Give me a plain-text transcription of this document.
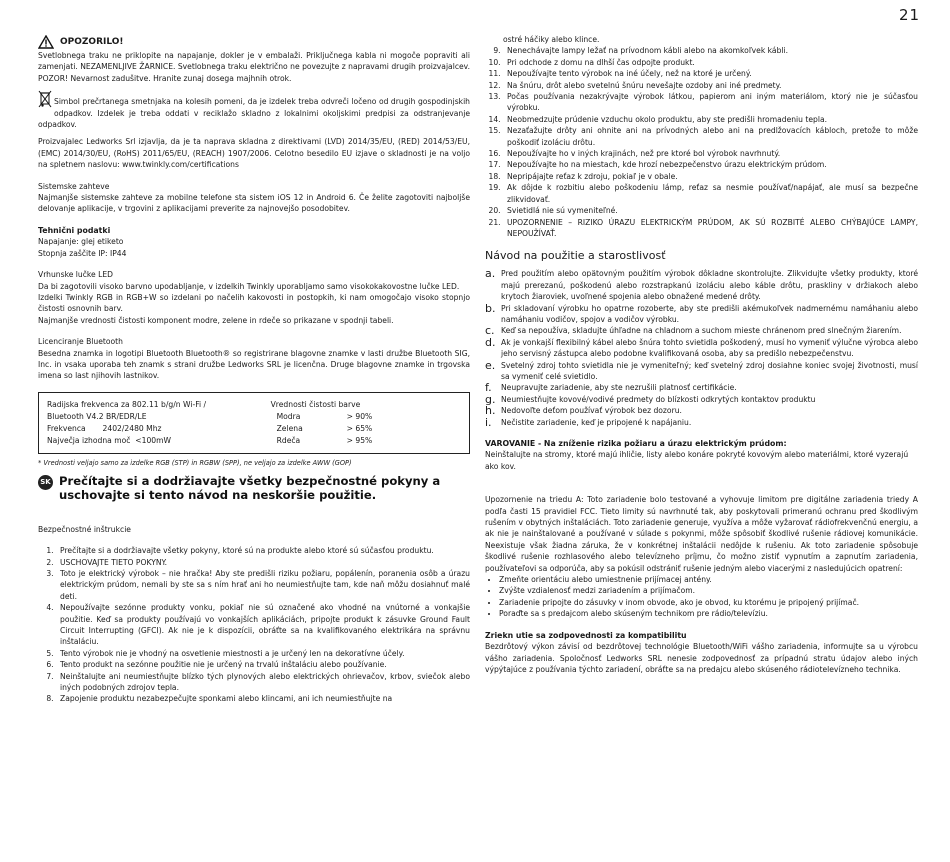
21
OPOZORILO!

Svetlobnega traku ne priklopite na napajanje, dokler je v embalaži. Priključnega kabla ni mogoče popraviti ali zamenjati. NEZAMENLJIVE ŽARNICE. Svetlobnega traku električno ne povezujte z napravami drugih proizvajalcev. POZOR! Nevarnost zadušitve. Hranite zunaj dosega majhnih otrok.

Simbol prečrtanega smetnjaka na kolesih pomeni, da je izdelek treba odvreči ločeno od drugih gospodinjskih odpadkov. Izdelek je treba oddati v reciklažo skladno z lokalnimi okoljskimi predpisi za odstranjevanje odpadkov.

Proizvajalec Ledworks Srl izjavlja, da je ta naprava skladna z direktivami (LVD) 2014/35/EU, (RED) 2014/53/EU, (EMC) 2014/30/EU, (RoHS) 2011/65/EU, (REACH) 1907/2006. Celotno besedilo EU izjave o skladnosti je na voljo na spletnem naslovu: www.twinkly.com/certifications

Sistemske zahteve

Najmanjše sistemske zahteve za mobilne telefone sta sistem iOS 12 in Android 6. Če želite zagotoviti najboljše delovanje aplikacije, v trgovini z aplikacijami preverite za najnovejšo posodobitev.

Tehnični podatki

Napajanje: glej etiketo

Stopnja zaščite IP: IP44

Vrhunske lučke LED

Da bi zagotovili visoko barvno upodabljanje, v izdelkih Twinkly uporabljamo samo visokokakovostne lučke LED.

Izdelki Twinkly RGB in RGB+W so izdelani po načelih kakovosti in postopkih, ki nam omogočajo visoko stopnjo čistosti osnovnih barv.

Najmanjše vrednosti čistosti komponent modre, zelene in rdeče so prikazane v spodnji tabeli.

Licenciranje Bluetooth

Besedna znamka in logotipi Bluetooth Bluetooth® so registrirane blagovne znamke v lasti družbe Bluetooth SIG, Inc. in vsaka uporaba teh znamk s strani družbe Ledworks SRL je licenčna. Druge blagovne znamke in trgovska imena so last njihovih lastnikov.

Radijska frekvenca za 802.11 b/g/n Wi-Fi /
Bluetooth V4.2 BR/EDR/LE
Frekvenca       2402/2480 Mhz
Največja izhodna moč  <100mW

Vrednosti čistosti barve
Modra	> 90%
Zelena	> 65%
Rdeča	> 95%

* Vrednosti veljajo samo za izdelke RGB (STP) in RGBW (SPP), ne veljajo za izdelke AWW (GOP)

SK Prečítajte si a dodržiavajte všetky bezpečnostné pokyny a uschovajte si tento návod na neskoršie použitie.

Bezpečnostné inštrukcie

1. Prečítajte si a dodržiavajte všetky pokyny, ktoré sú na produkte alebo ktoré sú súčasťou produktu.
2. USCHOVAJTE TIETO POKYNY.
3. Toto je elektrický výrobok – nie hračka! Aby ste predišli riziku požiaru, popálenín, poranenia osôb a úrazu elektrickým prúdom, nemali by ste sa s ním hrať ani ho neumiestňujte tam, kde naň môžu dosiahnuť malé deti.
4. Nepoužívajte sezónne produkty vonku, pokiaľ nie sú označené ako vhodné na vnútorné a vonkajšie použitie. Keď sa produkty používajú vo vonkajších aplikáciách, pripojte produkt k zásuvke Ground Fault Circuit Interrupting (GFCI). Ak nie je k dispozícii, obráťte sa na kvalifikovaného elektrikára na správnu inštaláciu.
5. Tento výrobok nie je vhodný na osvetlenie miestnosti a je určený len na dekoratívne účely.
6. Tento produkt na sezónne použitie nie je určený na trvalú inštaláciu alebo používanie.
7. Neinštalujte ani neumiestňujte blízko tých plynových alebo elektrických ohrievačov, krbov, sviečok alebo iných podobných zdrojov tepla.
8. Zapojenie produktu nezabezpečujte sponkami alebo klincami, ani ich neumiestňujte na

ostré háčiky alebo klince.

9. Nenechávajte lampy ležať na prívodnom kábli alebo na akomkoľvek kábli.
10. Pri odchode z domu na dlhší čas odpojte produkt.
11. Nepoužívajte tento výrobok na iné účely, než na ktoré je určený.
12. Na šnúru, drôt alebo svetelnú šnúru nevešajte ozdoby ani iné predmety.
13. Počas používania nezakrývajte výrobok látkou, papierom ani iným materiálom, ktorý nie je súčasťou výrobku.
14. Neobmedzujte prúdenie vzduchu okolo produktu, aby ste predišli hromadeniu tepla.
15. Nezaťažujte drôty ani ohnite ani na prívodných alebo ani na predlžovacích kábloch, pretože to môže poškodiť izoláciu drôtu.
16. Nepoužívajte ho v iných krajinách, než pre ktoré bol výrobok navrhnutý.
17. Nepoužívajte ho na miestach, kde hrozí nebezpečenstvo úrazu elektrickým prúdom.
18. Nepripájajte reťaz k zdroju, pokiaľ je v obale.
19. Ak dôjde k rozbitiu alebo poškodeniu lámp, reťaz sa nesmie používať/napájať, ale musí sa bezpečne zlikvidovať.
20. Svietidlá nie sú vymeniteľné.
21. UPOZORNENIE – RIZIKO ÚRAZU ELEKTRICKÝM PRÚDOM, AK SÚ ROZBITÉ ALEBO CHÝBAJÚCE LAMPY, NEPOUŽÍVAŤ.
Návod na použitie a starostlivosť
a. Pred použitím alebo opätovným použitím výrobok dôkladne skontrolujte. Zlikvidujte všetky produkty, ktoré majú prerezanú, poškodenú alebo rozstrapkanú izoláciu alebo káble drôtu, praskliny v držiakoch alebo krytoch žiaroviek, uvoľnené spojenia alebo obnažené medené drôty.
b. Pri skladovaní výrobku ho opatrne rozoberte, aby ste predišli akémukoľvek nadmernému namáhaniu alebo namáhaniu vodičov, spojov a vodičov výrobku.
c. Keď sa nepoužíva, skladujte úhľadne na chladnom a suchom mieste chránenom pred slnečným žiarením.
d. Ak je vonkajší flexibilný kábel alebo šnúra tohto svietidla poškodený, musí ho vymeniť výlučne výrobca alebo jeho servisný zástupca alebo podobne kvalifikovaná osoba, aby sa predišlo nebezpečenstvu.
e. Svetelný zdroj tohto svietidla nie je vymeniteľný; keď svetelný zdroj dosiahne koniec svojej životnosti, musí sa vymeniť celé svietidlo.
f.	Neupravujte zariadenie, aby ste nezrušili platnosť certifikácie.
g. Neumiestňujte kovové/vodivé predmety do blízkosti odkrytých kontaktov produktu
h. Nedovoľte deťom používať výrobok bez dozoru.
i.	Nečistite zariadenie, keď je pripojené k napájaniu.

VAROVANIE - Na zníženie rizika požiaru a úrazu elektrickým prúdom:

Neinštalujte na stromy, ktoré majú ihličie, listy alebo konáre pokryté kovovým alebo materiálmi, ktoré vyzerajú ako kov.

Upozornenie na triedu A: Toto zariadenie bolo testované a vyhovuje limitom pre digitálne zariadenia triedy A podľa časti 15 pravidiel FCC. Tieto limity sú navrhnuté tak, aby poskytovali primeranú ochranu pred škodlivým rušením v obytných inštaláciách. Toto zariadenie generuje, využíva a môže vyžarovať rádiofrekvenčnú energiu, a ak nie je nainštalované a používané v súlade s pokynmi, môže spôsobiť škodlivé rušenie rádiovej komunikácie. Neexistuje však žiadna záruka, že v konkrétnej inštalácii nedôjde k rušeniu. Ak toto zariadenie spôsobuje škodlivé rušenie rozhlasového alebo televízneho príjmu, čo možno zistiť vypnutím a zapnutím zariadenia, používateľovi sa odporúča, aby sa pokúsil odstrániť rušenie jedným alebo viacerými z nasledujúcich opatrení:

• Zmeňte orientáciu alebo umiestnenie prijímacej antény.
• Zvýšte vzdialenosť medzi zariadením a prijímačom.
• Zariadenie pripojte do zásuvky v inom obvode, ako je obvod, ku ktorému je pripojený prijímač.
• Poraďte sa s predajcom alebo skúseným technikom pre rádio/televíziu.

Zriekn utie sa zodpovednosti za kompatibilitu

Bezdrôtový výkon závisí od bezdrôtovej technológie Bluetooth/WiFi vášho zariadenia, informujte sa u výrobcu vášho zariadenia. Spoločnosť Ledworks SRL nenesie zodpovednosť za prípadnú stratu údajov alebo iných výpýtajúce z používania týchto zariadení, obráťte sa na predajcu alebo skúseného rádiotelevízneho technika.
